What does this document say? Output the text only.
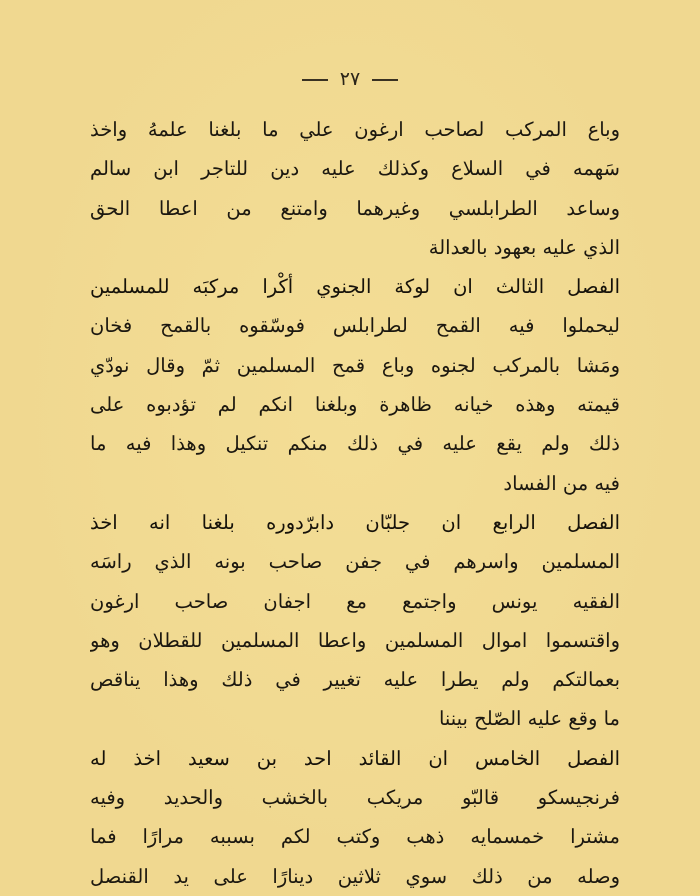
٢٧
وباع المركب لصاحب ارغون علي ما بلغنا علمهُ واخذ
سَهمه في السلاع وكذلك عليه دين للتاجر ابن سالم
وساعد الطرابلسي وغيرهما وامتنع من اعطا الحق
الذي عليه بعهود بالعدالة
الفصل الثالث ان لوكة الجنوي أكْرا مركبَه للمسلمين
ليحملوا فيه القمح لطرابلس فوسّقوه بالقمح فخان
ومَشا بالمركب لجنوه وباع قمح المسلمين ثمّ وقال نودّي
قيمته وهذه خيانه ظاهرة وبلغنا انكم لم تؤدبوه على
ذلك ولم يقع عليه في ذلك منكم تنكيل وهذا فيه ما
فيه من الفساد
الفصل الرابع ان جلبّان دابرّدوره بلغنا انه اخذ
المسلمين واسرهم في جفن صاحب بونه الذي راسَه
الفقيه يونس واجتمع مع اجفان صاحب ارغون
واقتسموا اموال المسلمين واعطا المسلمين للقطلان وهو
بعمالتكم ولم يطرا عليه تغيير في ذلك وهذا يناقص
ما وقع عليه الصّلح بيننا
الفصل الخامس ان القائد احد بن سعيد اخذ له
فرنجيسكو قالبّو مريكب بالخشب والحديد وفيه
مشترا خمسمايه ذهب وكتب لكم بسببه مرارًا فما
وصله من ذلك سوي ثلاثين دينارًا على يد القنصل
